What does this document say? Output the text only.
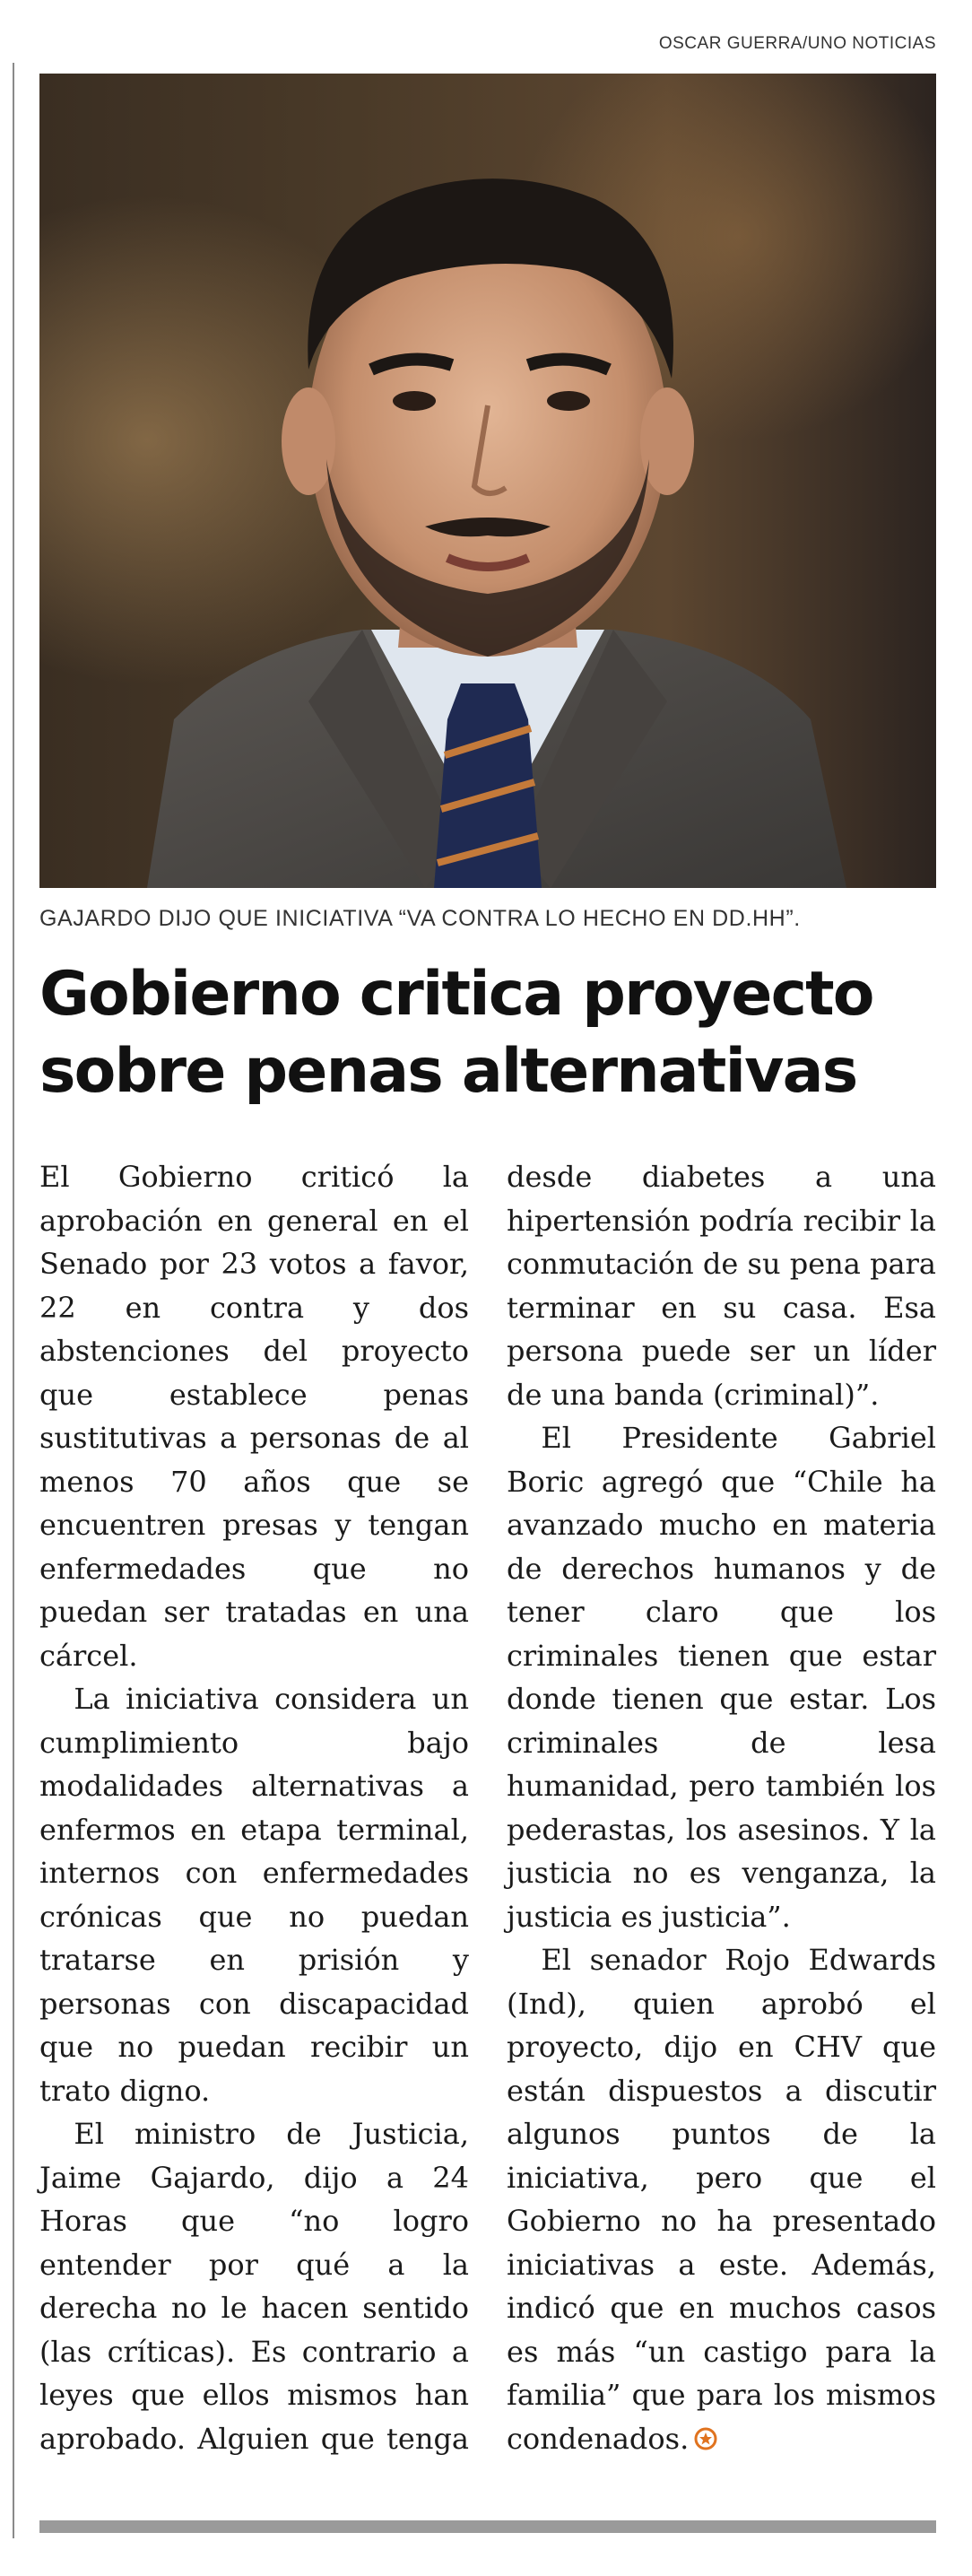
OSCAR GUERRA/UNO NOTICIAS
GAJARDO DIJO QUE INICIATIVA “VA CONTRA LO HECHO EN DD.HH”.
Gobierno critica proyecto
sobre penas alternativas

El Gobierno criticó la aprobación en general en el Senado por 23 votos a favor, 22 en contra y dos abstenciones del proyecto que establece penas sustitutivas a personas de al menos 70 años que se encuentren presas y tengan enfermedades que no puedan ser tratadas en una cárcel.

La iniciativa considera un cumplimiento bajo modalidades alternativas a enfermos en etapa terminal, internos con enfermedades crónicas que no puedan tratarse en prisión y personas con discapacidad que no puedan recibir un trato digno.

El ministro de Justicia, Jaime Gajardo, dijo a 24 Horas que “no logro entender por qué a la derecha no le hacen sentido (las críticas). Es contrario a leyes que ellos mismos han aprobado. Alguien que tenga desde diabetes a una hipertensión podría recibir la conmutación de su pena para terminar en su casa. Esa persona puede ser un líder de una banda (criminal)”.

El Presidente Gabriel Boric agregó que “Chile ha avanzado mucho en materia de derechos humanos y de tener claro que los criminales tienen que estar donde tienen que estar. Los criminales de lesa humanidad, pero también los pederastas, los asesinos. Y la justicia no es venganza, la justicia es justicia”.

El senador Rojo Edwards (Ind), quien aprobó el proyecto, dijo en CHV que están dispuestos a discutir algunos puntos de la iniciativa, pero que el Gobierno no ha presentado iniciativas a este. Además, indicó que en muchos casos es más “un castigo para la familia” que para los mismos condenados.
